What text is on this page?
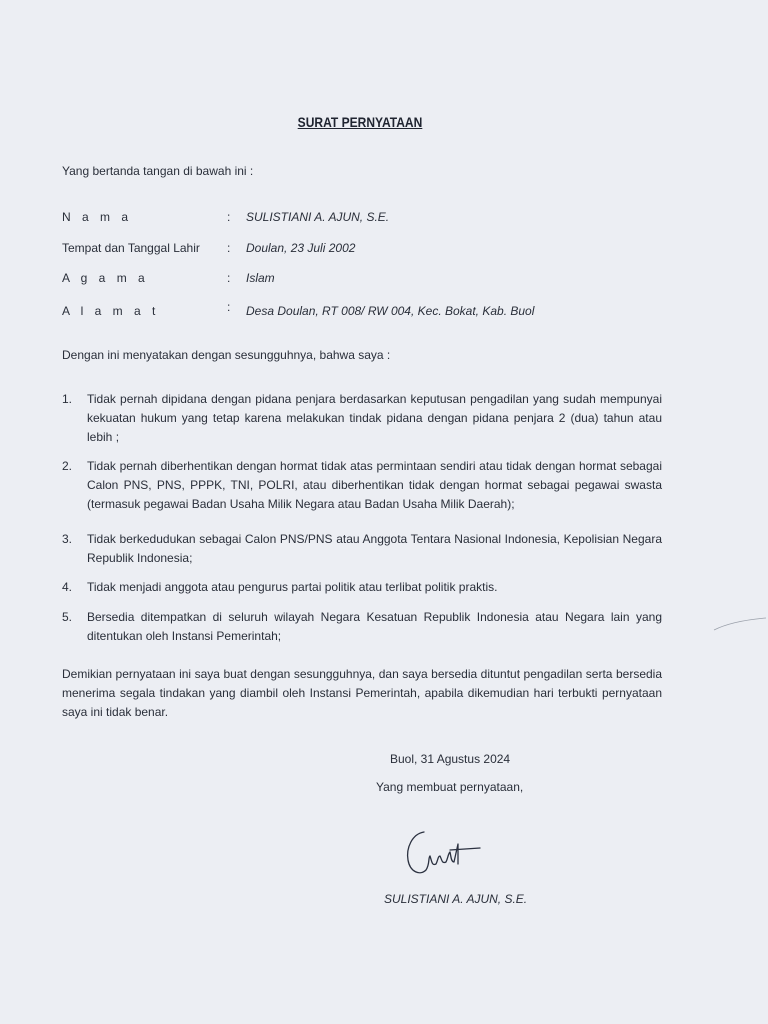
SURAT PERNYATAAN
Yang bertanda tangan di bawah ini :
N a m a	: SULISTIANI A. AJUN, S.E.
Tempat dan Tanggal Lahir : Doulan, 23 Juli 2002
A g a m a	: Islam
A l a m a t	: Desa Doulan, RT 008/ RW 004, Kec. Bokat, Kab. Buol
Dengan ini menyatakan dengan sesungguhnya, bahwa saya :
1. Tidak pernah dipidana dengan pidana penjara berdasarkan keputusan pengadilan yang sudah mempunyai kekuatan hukum yang tetap karena melakukan tindak pidana dengan pidana penjara 2 (dua) tahun atau lebih ;
2. Tidak pernah diberhentikan dengan hormat tidak atas permintaan sendiri atau tidak dengan hormat sebagai Calon PNS, PNS, PPPK, TNI, POLRI, atau diberhentikan tidak dengan hormat sebagai pegawai swasta (termasuk pegawai Badan Usaha Milik Negara atau Badan Usaha Milik Daerah);
3. Tidak berkedudukan sebagai Calon PNS/PNS atau Anggota Tentara Nasional Indonesia, Kepolisian Negara Republik Indonesia;
4. Tidak menjadi anggota atau pengurus partai politik atau terlibat politik praktis.
5. Bersedia ditempatkan di seluruh wilayah Negara Kesatuan Republik Indonesia atau Negara lain yang ditentukan oleh Instansi Pemerintah;
Demikian pernyataan ini saya buat dengan sesungguhnya, dan saya bersedia dituntut pengadilan serta bersedia menerima segala tindakan yang diambil oleh Instansi Pemerintah, apabila dikemudian hari terbukti pernyataan saya ini tidak benar.
Buol, 31 Agustus 2024
Yang membuat pernyataan,
SULISTIANI A. AJUN, S.E.
